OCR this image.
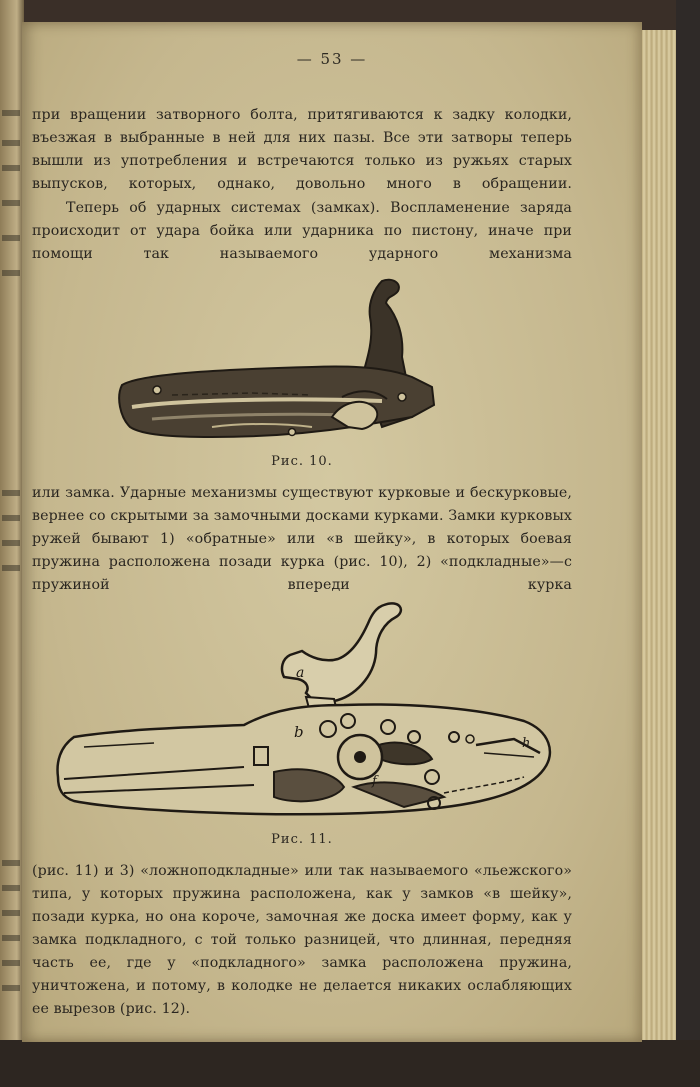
— 53 —

при вращении затворного болта, притягиваются к задку колодки, въезжая в выбранные в ней для них пазы. Все эти затворы теперь вышли из употребления и встречаются только из ружьях старых выпусков, которых, однако, довольно много в обращении.

Теперь об ударных системах (замках). Воспламенение заряда происходит от удара бойка или ударника по пистону, иначе при помощи так называемого ударного механизма

Рис. 10.

или замка. Ударные механизмы существуют курковые и бескурковые, вернее со скрытыми за замочными досками курками. Замки курковых ружей бывают 1) «обратные» или «в шейку», в которых боевая пружина расположена позади курка (рис. 10), 2) «подкладные»—с пружиной впереди курка

a
b
f
h
Рис. 11.

(рис. 11) и 3) «ложноподкладные» или так называемого «льежского» типа, у которых пружина расположена, как у замков «в шейку», позади курка, но она короче, замочная же доска имеет форму, как у замка подкладного, с той только разницей, что длинная, передняя часть ее, где у «подкладного» замка расположена пружина, уничтожена, и потому, в колодке не делается никаких ослабляющих ее вырезов (рис. 12).
